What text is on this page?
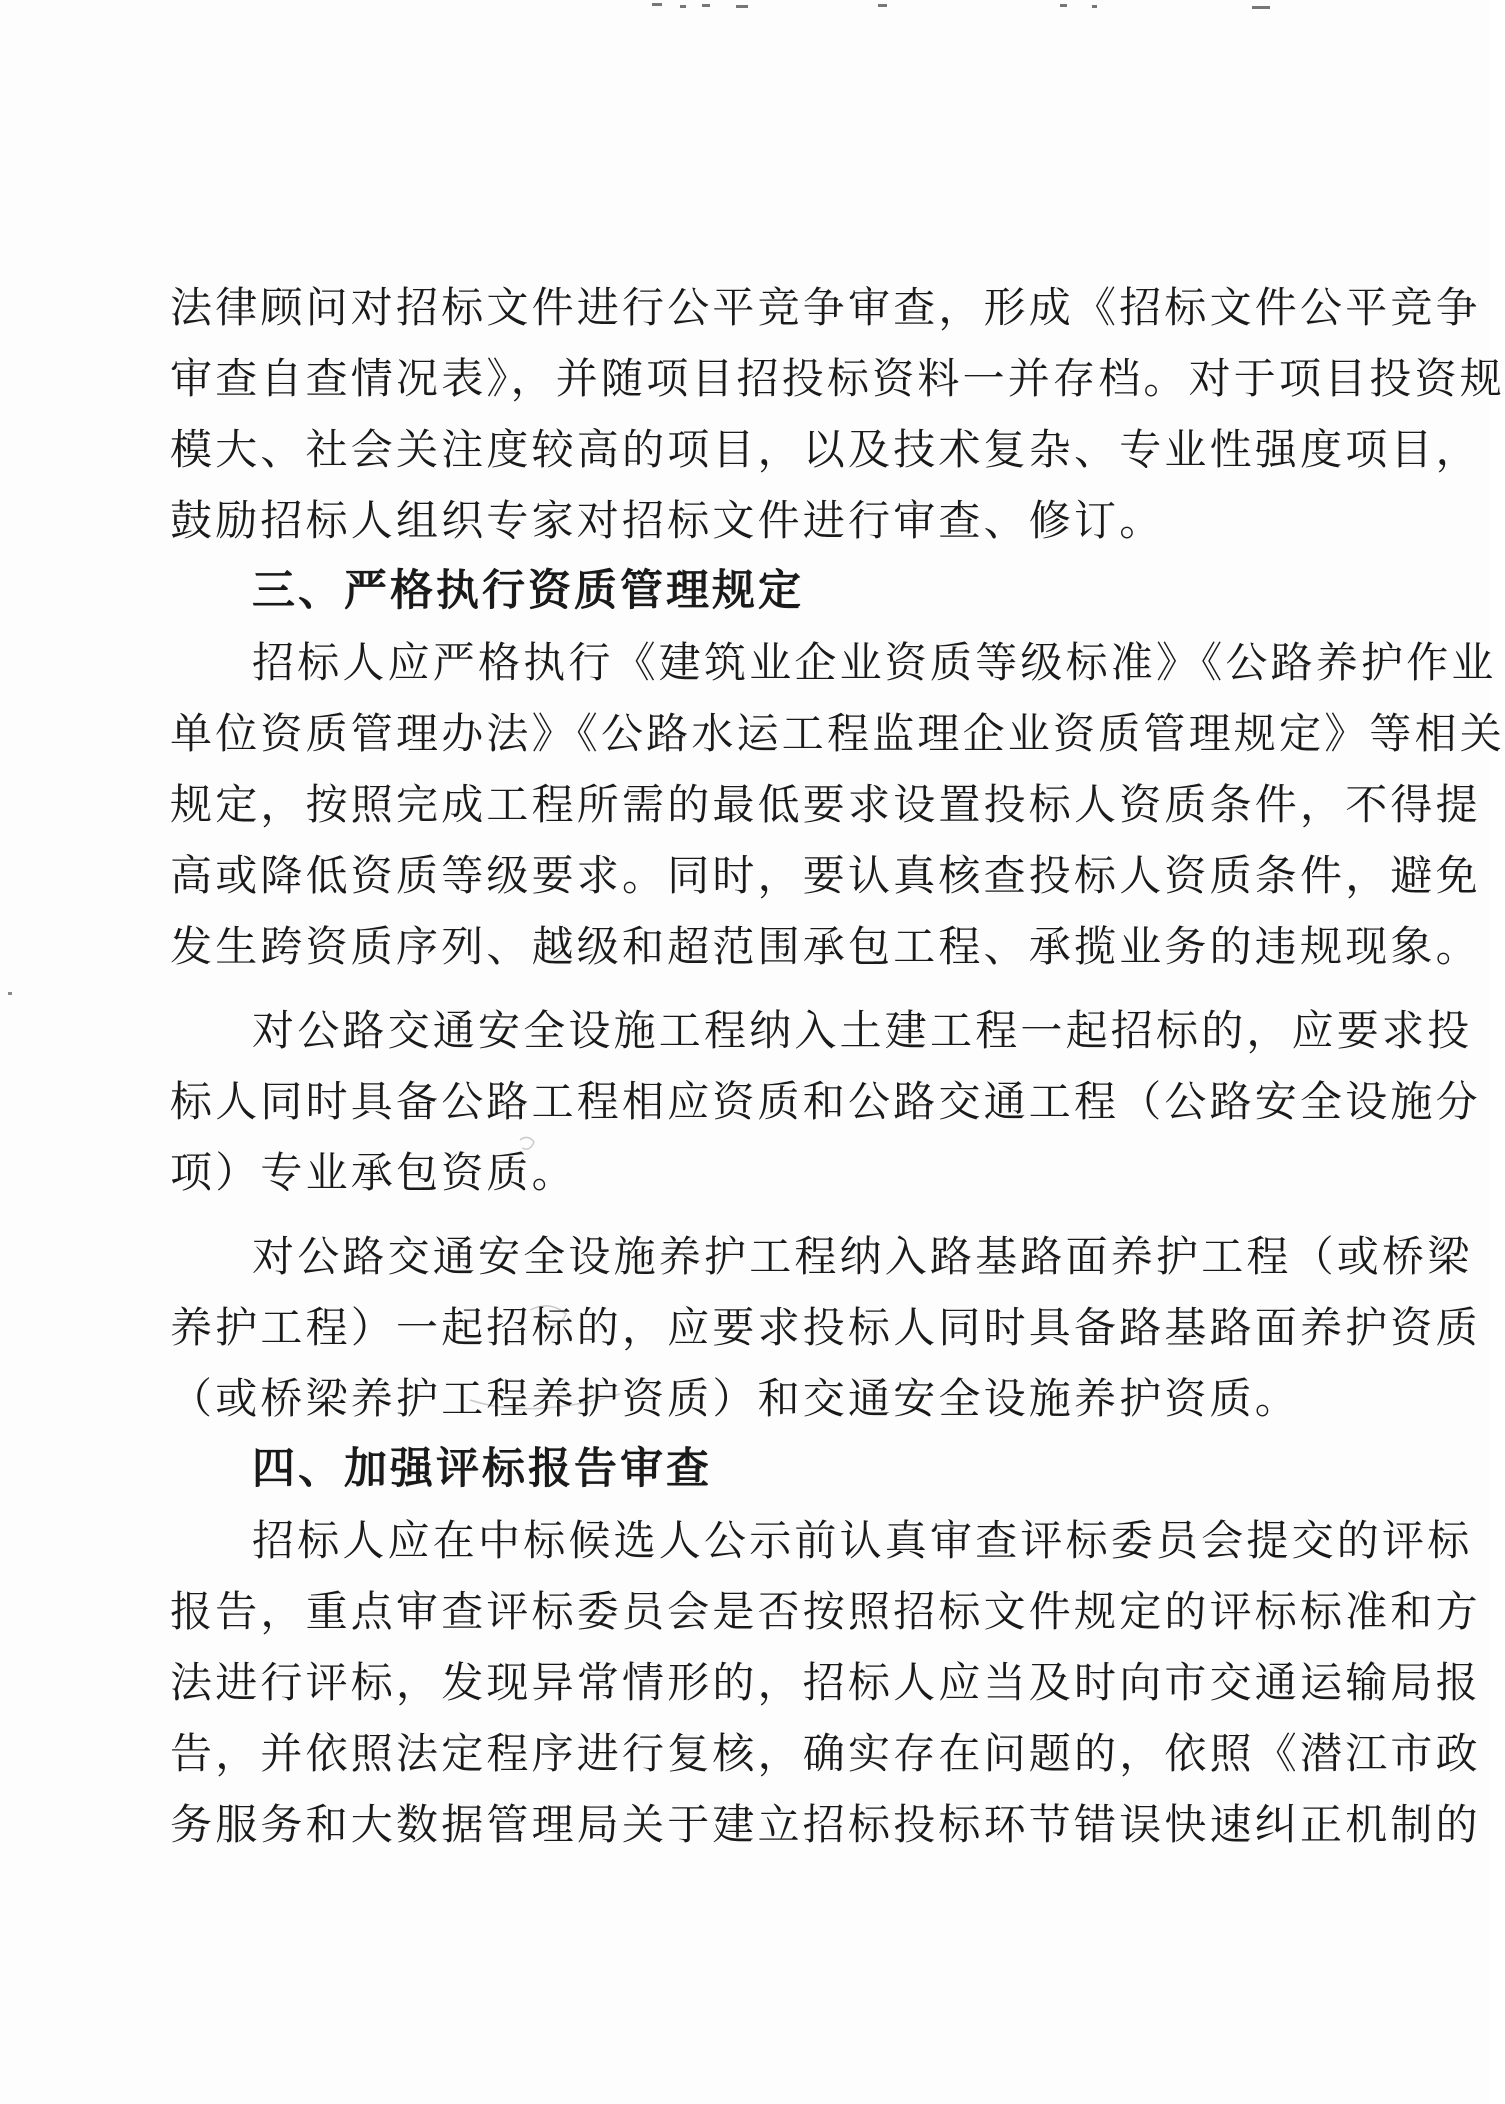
法律顾问对招标文件进行公平竞争审查，形成《招标文件公平竞争
审查自查情况表》，并随项目招投标资料一并存档。对于项目投资规
模大、社会关注度较高的项目，以及技术复杂、专业性强度项目，
鼓励招标人组织专家对招标文件进行审查、修订。
三、严格执行资质管理规定
招标人应严格执行《建筑业企业资质等级标准》《公路养护作业
单位资质管理办法》《公路水运工程监理企业资质管理规定》等相关
规定，按照完成工程所需的最低要求设置投标人资质条件，不得提
高或降低资质等级要求。同时，要认真核查投标人资质条件，避免
发生跨资质序列、越级和超范围承包工程、承揽业务的违规现象。
对公路交通安全设施工程纳入土建工程一起招标的，应要求投
标人同时具备公路工程相应资质和公路交通工程（公路安全设施分
项）专业承包资质。
对公路交通安全设施养护工程纳入路基路面养护工程（或桥梁
养护工程）一起招标的，应要求投标人同时具备路基路面养护资质
（或桥梁养护工程养护资质）和交通安全设施养护资质。
四、加强评标报告审查
招标人应在中标候选人公示前认真审查评标委员会提交的评标
报告，重点审查评标委员会是否按照招标文件规定的评标标准和方
法进行评标，发现异常情形的，招标人应当及时向市交通运输局报
告，并依照法定程序进行复核，确实存在问题的，依照《潜江市政
务服务和大数据管理局关于建立招标投标环节错误快速纠正机制的
